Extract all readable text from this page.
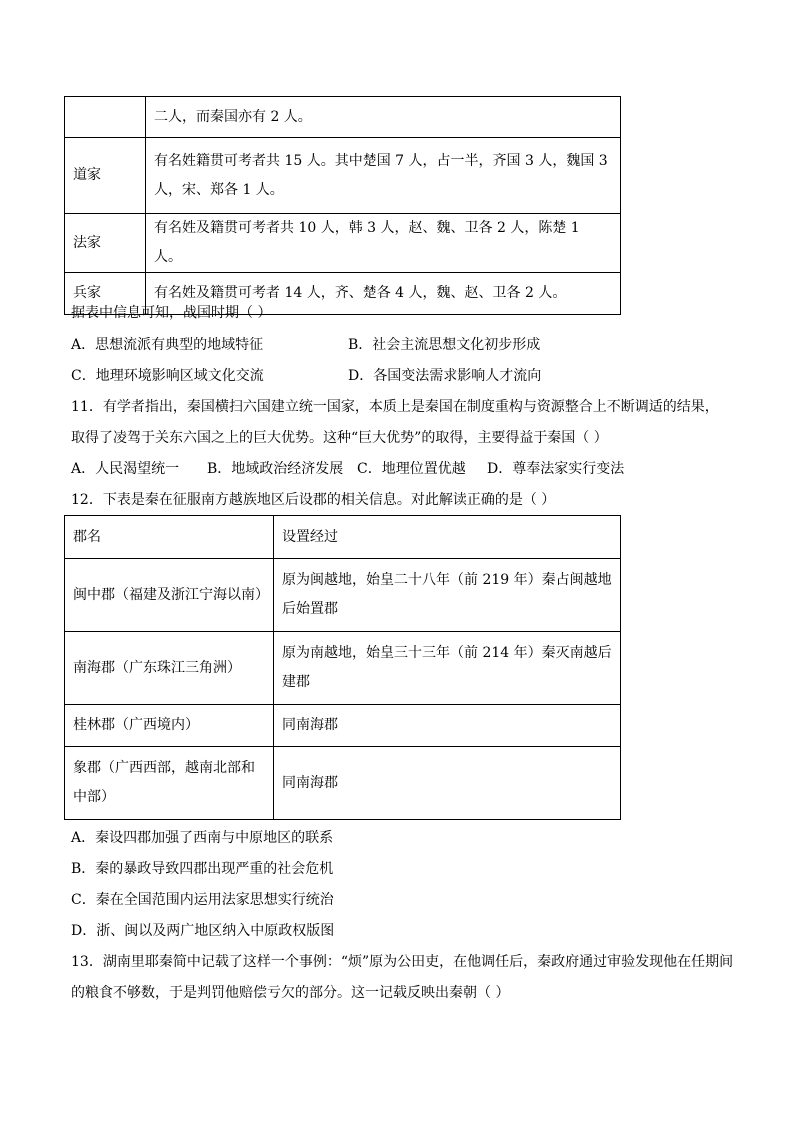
	二人，而秦国亦有 2 人。
道家	有名姓籍贯可考者共 15 人。其中楚国 7 人，占一半，齐国 3 人，魏国 3 人，宋、郑各 1 人。
法家	有名姓及籍贯可考者共 10 人，韩 3 人，赵、魏、卫各 2 人，陈楚 1 人。
兵家	有名姓及籍贯可考者 14 人，齐、楚各 4 人，魏、赵、卫各 2 人。
据表中信息可知，战国时期（ ）
A．思想流派有典型的地域特征	B．社会主流思想文化初步形成
C．地理环境影响区域文化交流	D．各国变法需求影响人才流向
11．有学者指出，秦国横扫六国建立统一国家，本质上是秦国在制度重构与资源整合上不断调适的结果，
取得了凌驾于关东六国之上的巨大优势。这种“巨大优势”的取得，主要得益于秦国（ ）
A．人民渴望统一 B．地域政治经济发展 C．地理位置优越 D．尊奉法家实行变法
12．下表是秦在征服南方越族地区后设郡的相关信息。对此解读正确的是（ ）
郡名	设置经过
闽中郡（福建及浙江宁海以南）	原为闽越地，始皇二十八年（前 219 年）秦占闽越地后始置郡
南海郡（广东珠江三角洲）	原为南越地，始皇三十三年（前 214 年）秦灭南越后建郡
桂林郡（广西境内）	同南海郡
象郡（广西西部，越南北部和中部）	同南海郡
A．秦设四郡加强了西南与中原地区的联系
B．秦的暴政导致四郡出现严重的社会危机
C．秦在全国范围内运用法家思想实行统治
D．浙、闽以及两广地区纳入中原政权版图
13．湖南里耶秦简中记载了这样一个事例：“烦”原为公田吏，在他调任后，秦政府通过审验发现他在任期间
的粮食不够数，于是判罚他赔偿亏欠的部分。这一记载反映出秦朝（ ）
